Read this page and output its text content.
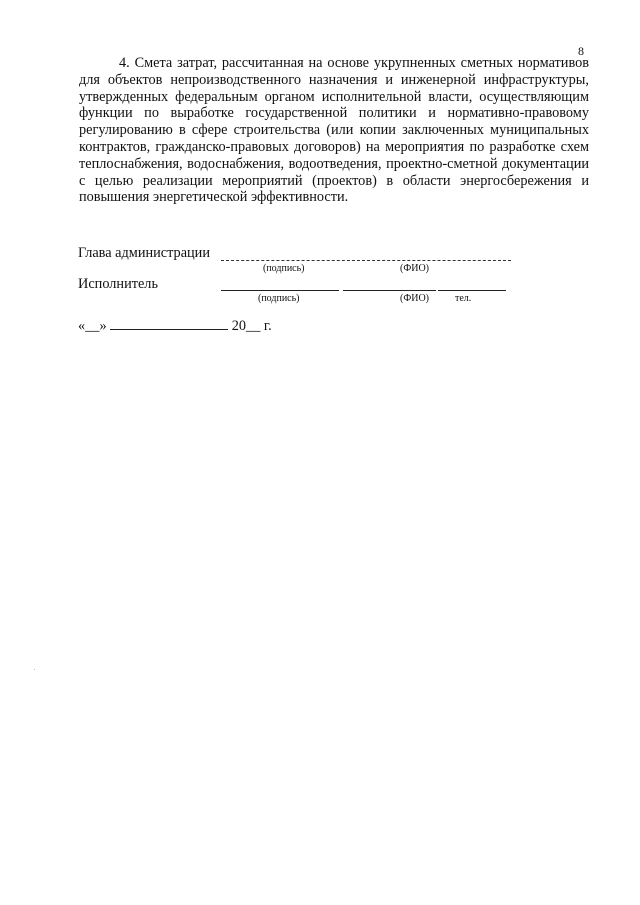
8

4. Смета затрат, рассчитанная на основе укрупненных сметных нормативов для объектов непроизводственного назначения и инженерной инфраструктуры, утвержденных федеральным органом исполнительной власти, осуществляющим функции по выработке государственной политики и нормативно-правовому регулированию в сфере строительства (или копии заключенных муниципальных контрактов, гражданско-правовых договоров) на мероприятия по разработке схем теплоснабжения, водоснабжения, водоотведения, проектно-сметной документации с целью реализации мероприятий (проектов) в области энергосбережения и повышения энергетической эффективности.

Глава администрации
(подпись)	(ФИО)
Исполнитель
(подпись)	(ФИО)	тел.
«__»	20__ г.
